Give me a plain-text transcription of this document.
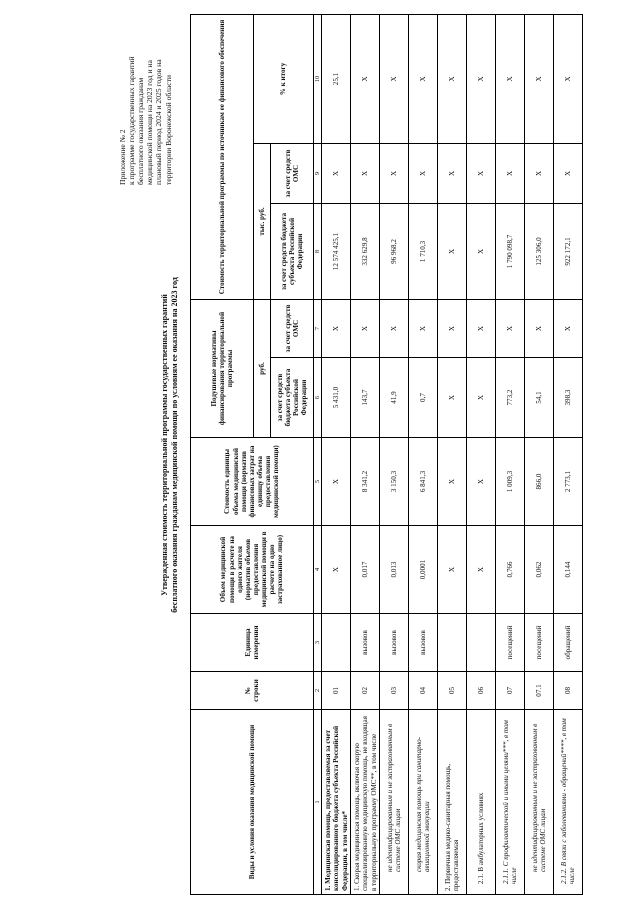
Приложение № 2 к программе государственных гарантий бесплатного оказания гражданам медицинской помощи на 2023 год и на плановый период 2024 и 2025 годов на территории Воронежской области
Утвержденная стоимость территориальной программы государственных гарантий бесплатного оказания гражданам медицинской помощи по условиям ее оказания на 2023 год
Виды и условия оказания медицинской помощи	№ строки	Единица измерения	Объем медицинской помощи в расчете на одного жителя (норматив объемов предоставления медицинской помощи в расчете на одно застрахованное лицо)	Стоимость единицы объема медицинской помощи (норматив финансовых затрат на единицу объема предоставления медицинской помощи)	Подушевые нормативы финансирования территориальной программы		Стоимость территориальной программы по источникам ее финансового обеспечения		
					руб.		тыс. руб.		% к итогу
					за счет средств бюджета субъекта Российской Федерации	за счет средств ОМС	за счет средств бюджета субъекта Российской Федерации	за счет средств ОМС	
1	2	3	4	5	6	7	8	9	10
1. Медицинская помощь, предоставляемая за счет консолидированного бюджета субъекта Российской Федерации, в том числе*	01		X	X	5 431,0	X	12 574 425,1	X	25,1
1. Скорая медицинская помощь, включая скорую специализированную медицинскую помощь, не входящая в территориальную программу ОМС**, в том числе	02	вызовов	0,017	8 341,2	143,7	X	332 629,8	X	X
не идентифицированным и не застрахованным в системе ОМС лицам	03	вызовов	0,013	3 150,3	41,9	X	96 968,2	X	X
скорая медицинская помощь при санитарно-авиационной эвакуации	04	вызовов	0,0001	6 841,3	0,7	X	1 710,3	X	X
2. Первичная медико-санитарная помощь, предоставляемая	05		X	X	X	X	X	X	X
2.1. В амбулаторных условиях	06		X	X	X	X	X	X	X
2.1.1. С профилактической и иными целями***, в том числе	07	посещений	0,766	1 009,3	773,2	X	1 790 098,7	X	X
не идентифицированным и не застрахованным в системе ОМС лицам	07.1	посещений	0,062	866,0	54,1	X	125 306,0	X	X
2.1.2. В связи с заболеваниями - обращений****, в том числе	08	обращений	0,144	2 773,1	398,3	X	922 172,1	X	X
